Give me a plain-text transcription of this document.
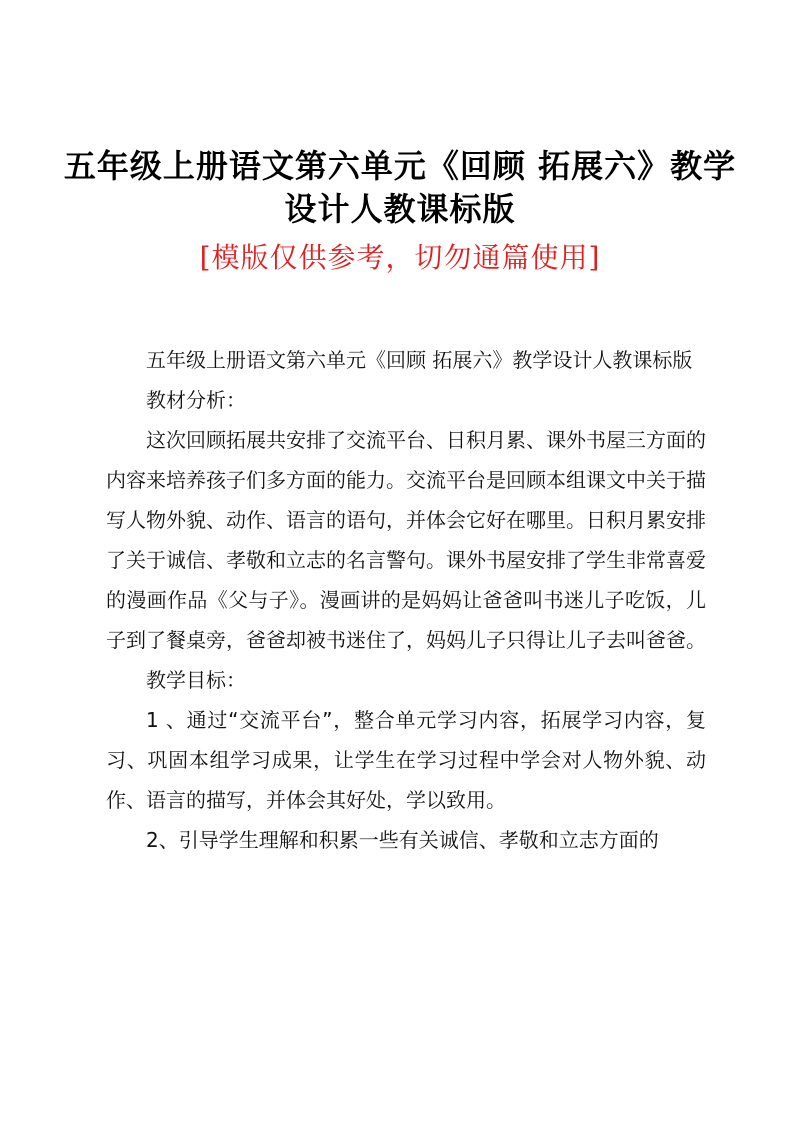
五年级上册语文第六单元《回顾 拓展六》教学
设计人教课标版
[模版仅供参考，切勿通篇使用]

五年级上册语文第六单元《回顾 拓展六》教学设计人教课标版

教材分析：

这次回顾拓展共安排了交流平台、日积月累、课外书屋三方面的内容来培养孩子们多方面的能力。交流平台是回顾本组课文中关于描写人物外貌、动作、语言的语句，并体会它好在哪里。日积月累安排了关于诚信、孝敬和立志的名言警句。课外书屋安排了学生非常喜爱的漫画作品《父与子》。漫画讲的是妈妈让爸爸叫书迷儿子吃饭，儿子到了餐桌旁，爸爸却被书迷住了，妈妈儿子只得让儿子去叫爸爸。

教学目标：

1 、通过“交流平台”，整合单元学习内容，拓展学习内容，复习、巩固本组学习成果，让学生在学习过程中学会对人物外貌、动作、语言的描写，并体会其好处，学以致用。

2、引导学生理解和积累一些有关诚信、孝敬和立志方面的
